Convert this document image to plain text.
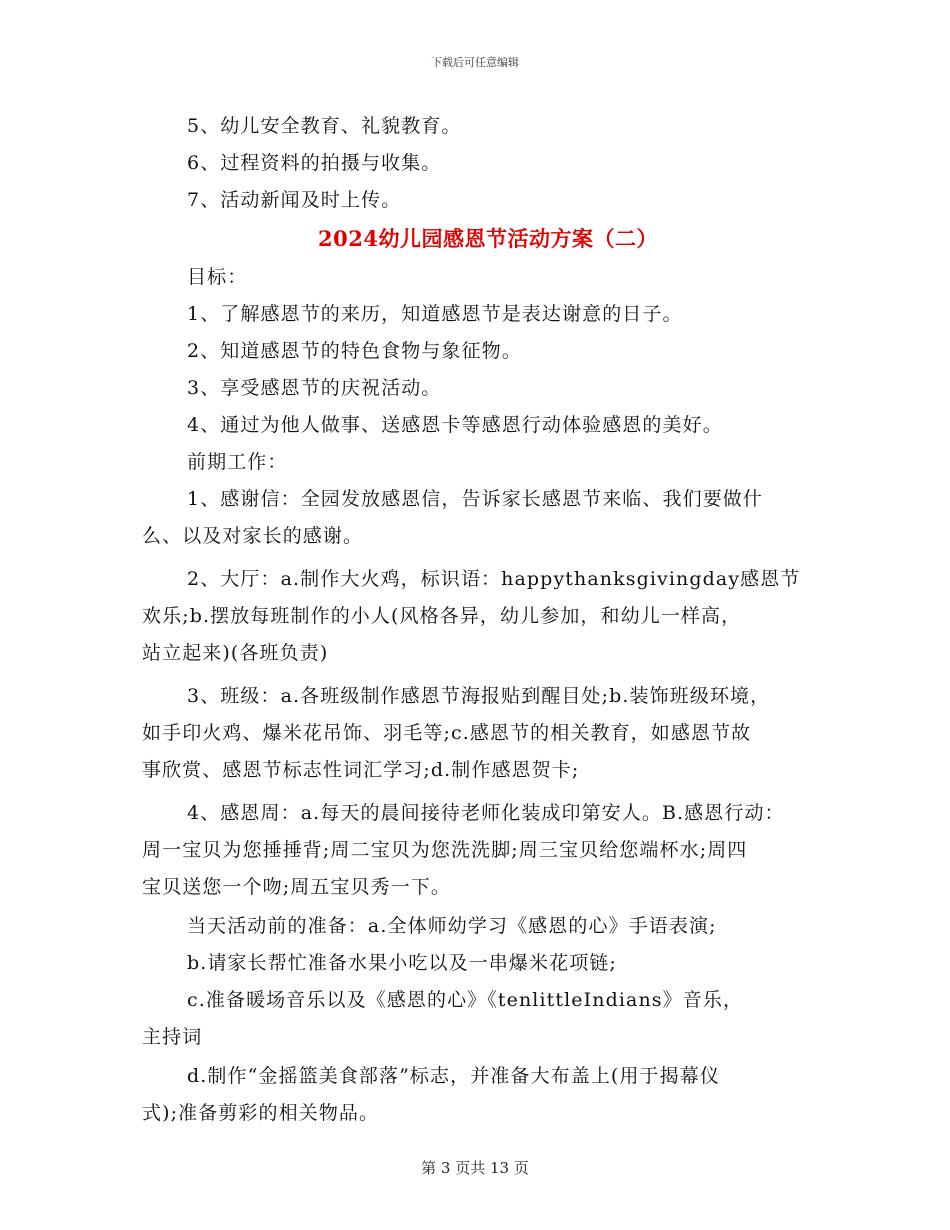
下载后可任意编辑

5、幼儿安全教育、礼貌教育。

6、过程资料的拍摄与收集。

7、活动新闻及时上传。

2024幼儿园感恩节活动方案（二）

目标：

1、了解感恩节的来历，知道感恩节是表达谢意的日子。

2、知道感恩节的特色食物与象征物。

3、享受感恩节的庆祝活动。

4、通过为他人做事、送感恩卡等感恩行动体验感恩的美好。

前期工作：

1、感谢信：全园发放感恩信，告诉家长感恩节来临、我们要做什

么、以及对家长的感谢。

2、大厅：a.制作大火鸡，标识语：happythanksgivingday感恩节

欢乐;b.摆放每班制作的小人(风格各异，幼儿参加，和幼儿一样高，

站立起来)(各班负责)

3、班级：a.各班级制作感恩节海报贴到醒目处;b.装饰班级环境，

如手印火鸡、爆米花吊饰、羽毛等;c.感恩节的相关教育，如感恩节故

事欣赏、感恩节标志性词汇学习;d.制作感恩贺卡;

4、感恩周：a.每天的晨间接待老师化装成印第安人。B.感恩行动：

周一宝贝为您捶捶背;周二宝贝为您洗洗脚;周三宝贝给您端杯水;周四

宝贝送您一个吻;周五宝贝秀一下。

当天活动前的准备：a.全体师幼学习《感恩的心》手语表演;

b.请家长帮忙准备水果小吃以及一串爆米花项链;

c.准备暖场音乐以及《感恩的心》《tenlittleIndians》音乐，

主持词

d.制作“金摇篮美食部落”标志，并准备大布盖上(用于揭幕仪

式);准备剪彩的相关物品。

第 3 页共 13 页
